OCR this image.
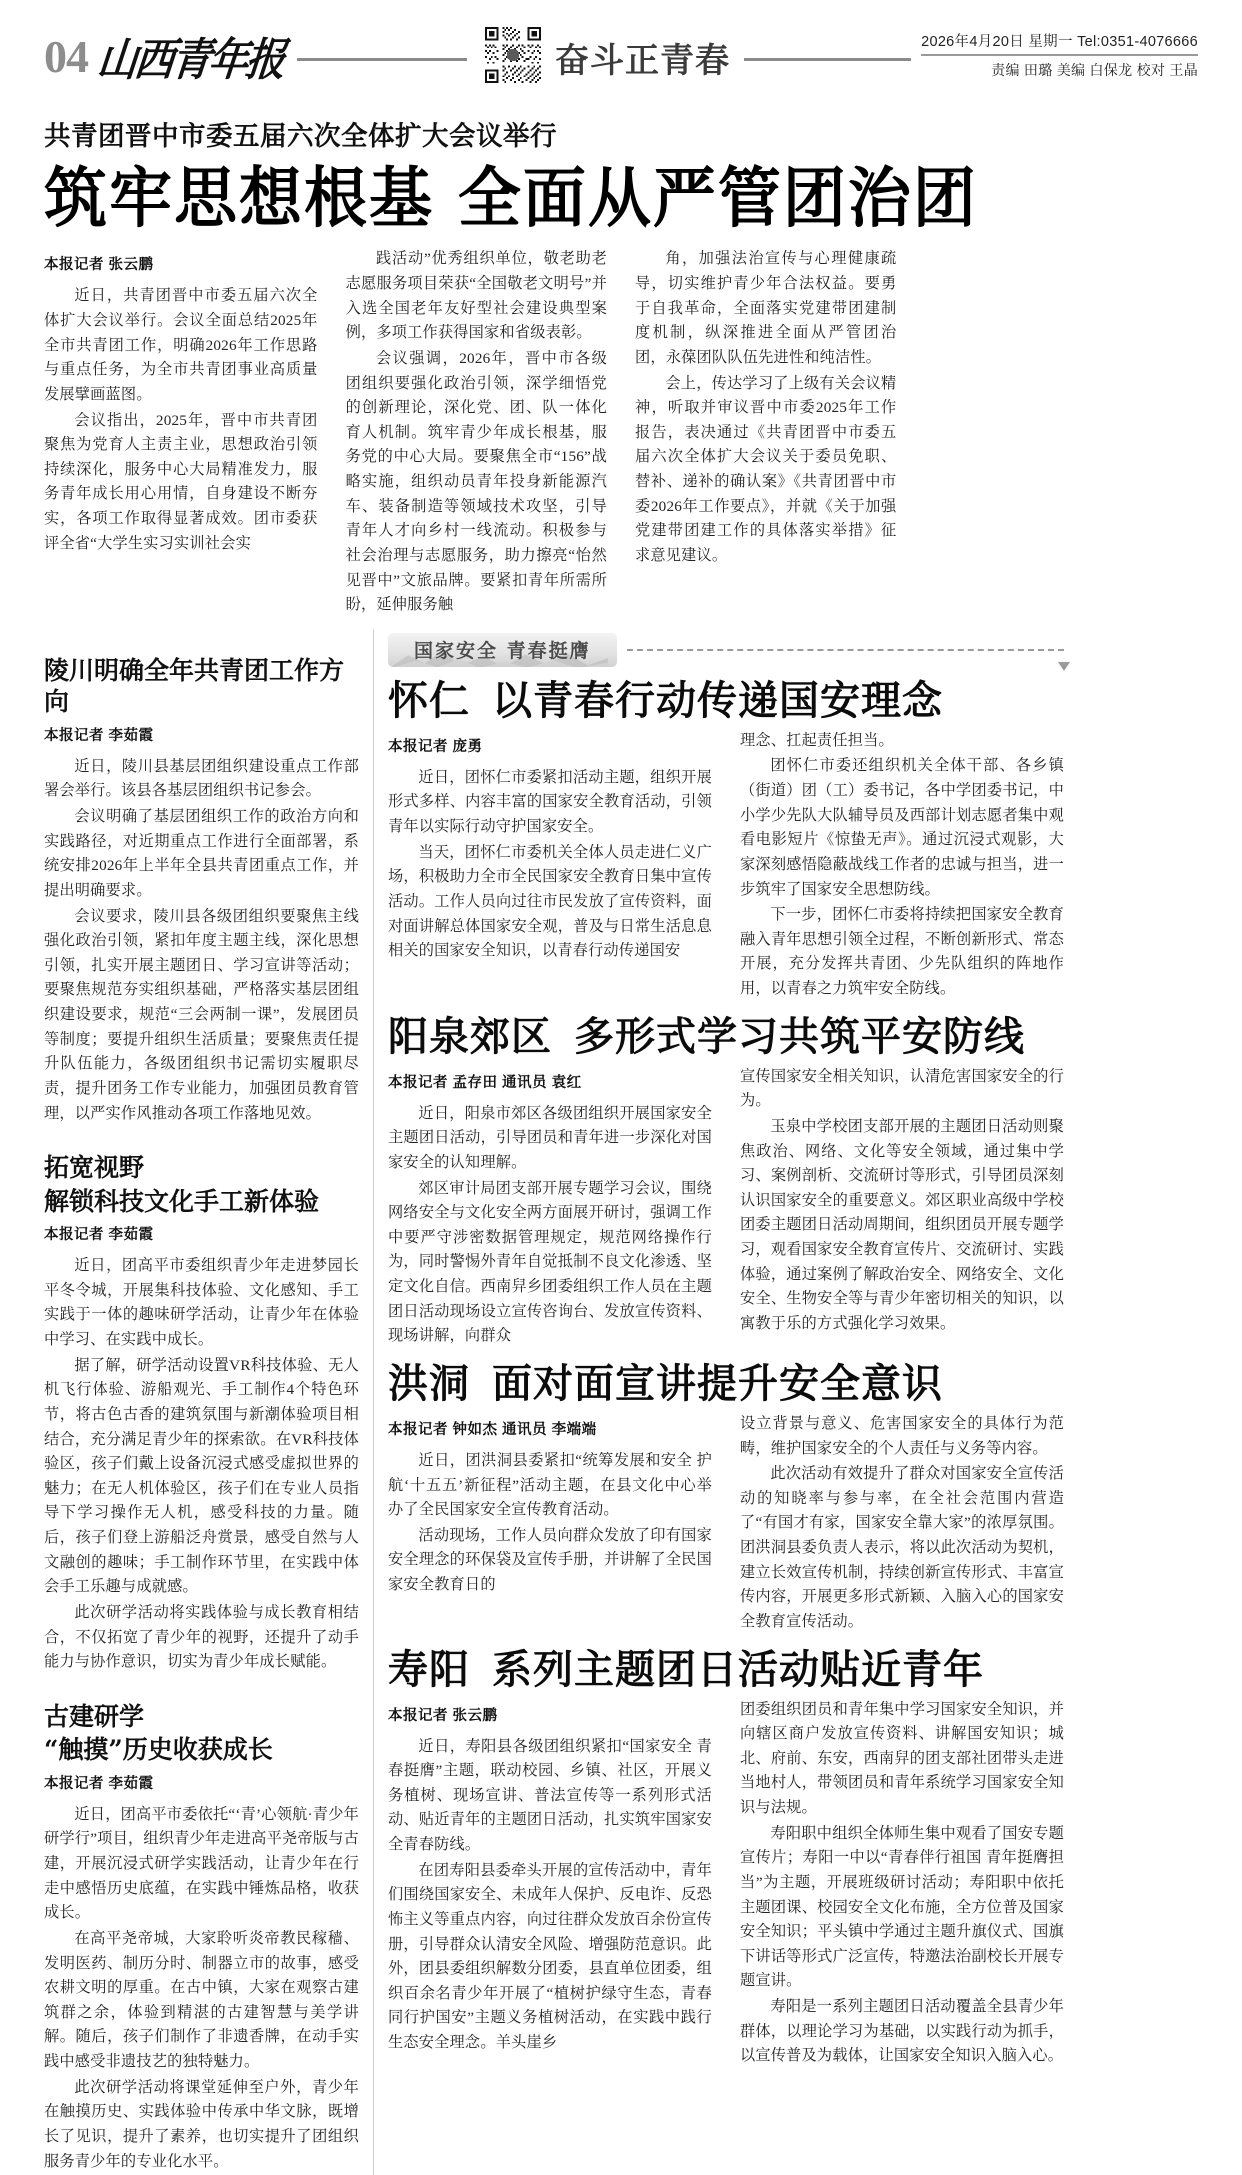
04 山西青年报	奋斗正青春	2026年4月20日 星期一 Tel:0351-4076666
责编 田璐 美编 白保龙 校对 王晶
共青团晋中市委五届六次全体扩大会议举行
筑牢思想根基 全面从严管团治团
本报记者 张云鹏

近日，共青团晋中市委五届六次全体扩大会议举行。会议全面总结2025年全市共青团工作，明确2026年工作思路与重点任务，为全市共青团事业高质量发展擘画蓝图。

会议指出，2025年，晋中市共青团聚焦为党育人主责主业，思想政治引领持续深化，服务中心大局精准发力，服务青年成长用心用情，自身建设不断夯实，各项工作取得显著成效。团市委获评全省“大学生实习实训社会实

践活动”优秀组织单位，敬老助老志愿服务项目荣获“全国敬老文明号”并入选全国老年友好型社会建设典型案例，多项工作获得国家和省级表彰。

会议强调，2026年，晋中市各级团组织要强化政治引领，深学细悟党的创新理论，深化党、团、队一体化育人机制。筑牢青少年成长根基，服务党的中心大局。要聚焦全市“156”战略实施，组织动员青年投身新能源汽车、装备制造等领域技术攻坚，引导青年人才向乡村一线流动。积极参与社会治理与志愿服务，助力擦亮“怡然见晋中”文旅品牌。要紧扣青年所需所盼，延伸服务触

角，加强法治宣传与心理健康疏导，切实维护青少年合法权益。要勇于自我革命，全面落实党建带团建制度机制，纵深推进全面从严管团治团，永葆团队队伍先进性和纯洁性。

会上，传达学习了上级有关会议精神，听取并审议晋中市委2025年工作报告，表决通过《共青团晋中市委五届六次全体扩大会议关于委员免职、替补、递补的确认案》《共青团晋中市委2026年工作要点》，并就《关于加强党建带团建工作的具体落实举措》征求意见建议。

陵川明确全年共青团工作方向
本报记者 李茹霞

近日，陵川县基层团组织建设重点工作部署会举行。该县各基层团组织书记参会。

会议明确了基层团组织工作的政治方向和实践路径，对近期重点工作进行全面部署，系统安排2026年上半年全县共青团重点工作，并提出明确要求。

会议要求，陵川县各级团组织要聚焦主线强化政治引领，紧扣年度主题主线，深化思想引领，扎实开展主题团日、学习宣讲等活动；要聚焦规范夯实组织基础，严格落实基层团组织建设要求，规范“三会两制一课”，发展团员等制度；要提升组织生活质量；要聚焦责任提升队伍能力，各级团组织书记需切实履职尽责，提升团务工作专业能力，加强团员教育管理，以严实作风推动各项工作落地见效。

拓宽视野
解锁科技文化手工新体验
本报记者 李茹霞

近日，团高平市委组织青少年走进梦园长平冬令城，开展集科技体验、文化感知、手工实践于一体的趣味研学活动，让青少年在体验中学习、在实践中成长。

据了解，研学活动设置VR科技体验、无人机飞行体验、游船观光、手工制作4个特色环节，将古色古香的建筑氛围与新潮体验项目相结合，充分满足青少年的探索欲。在VR科技体验区，孩子们戴上设备沉浸式感受虚拟世界的魅力；在无人机体验区，孩子们在专业人员指导下学习操作无人机，感受科技的力量。随后，孩子们登上游船泛舟赏景，感受自然与人文融创的趣味；手工制作环节里，在实践中体会手工乐趣与成就感。

此次研学活动将实践体验与成长教育相结合，不仅拓宽了青少年的视野，还提升了动手能力与协作意识，切实为青少年成长赋能。

古建研学
“触摸”历史收获成长
本报记者 李茹霞

近日，团高平市委依托“‘青’心领航·青少年研学行”项目，组织青少年走进高平尧帝版与古建，开展沉浸式研学实践活动，让青少年在行走中感悟历史底蕴，在实践中锤炼品格，收获成长。

在高平尧帝城，大家聆听炎帝教民稼穑、发明医药、制历分时、制器立市的故事，感受农耕文明的厚重。在古中镇，大家在观察古建筑群之余，体验到精湛的古建智慧与美学讲解。随后，孩子们制作了非遗香牌，在动手实践中感受非遗技艺的独特魅力。

此次研学活动将课堂延伸至户外，青少年在触摸历史、实践体验中传承中华文脉，既增长了见识，提升了素养，也切实提升了团组织服务青少年的专业化水平。

国家安全 青春挺膺
怀仁 以青春行动传递国安理念
本报记者 庞勇

近日，团怀仁市委紧扣活动主题，组织开展形式多样、内容丰富的国家安全教育活动，引领青年以实际行动守护国家安全。

当天，团怀仁市委机关全体人员走进仁义广场，积极助力全市全民国家安全教育日集中宣传活动。工作人员向过往市民发放了宣传资料，面对面讲解总体国家安全观，普及与日常生活息息相关的国家安全知识，以青春行动传递国安

理念、扛起责任担当。

团怀仁市委还组织机关全体干部、各乡镇（街道）团（工）委书记，各中学团委书记，中小学少先队大队辅导员及西部计划志愿者集中观看电影短片《惊蛰无声》。通过沉浸式观影，大家深刻感悟隐蔽战线工作者的忠诚与担当，进一步筑牢了国家安全思想防线。

下一步，团怀仁市委将持续把国家安全教育融入青年思想引领全过程，不断创新形式、常态开展，充分发挥共青团、少先队组织的阵地作用，以青春之力筑牢安全防线。

阳泉郊区 多形式学习共筑平安防线
本报记者 孟存田 通讯员 袁红

近日，阳泉市郊区各级团组织开展国家安全主题团日活动，引导团员和青年进一步深化对国家安全的认知理解。

郊区审计局团支部开展专题学习会议，围绕网络安全与文化安全两方面展开研讨，强调工作中要严守涉密数据管理规定，规范网络操作行为，同时警惕外青年自觉抵制不良文化渗透、坚定文化自信。西南舁乡团委组织工作人员在主题团日活动现场设立宣传咨询台、发放宣传资料、现场讲解，向群众

宣传国家安全相关知识，认清危害国家安全的行为。

玉泉中学校团支部开展的主题团日活动则聚焦政治、网络、文化等安全领域，通过集中学习、案例剖析、交流研讨等形式，引导团员深刻认识国家安全的重要意义。郊区职业高级中学校团委主题团日活动周期间，组织团员开展专题学习，观看国家安全教育宣传片、交流研讨、实践体验，通过案例了解政治安全、网络安全、文化安全、生物安全等与青少年密切相关的知识，以寓教于乐的方式强化学习效果。

洪洞 面对面宣讲提升安全意识
本报记者 钟如杰 通讯员 李端端

近日，团洪洞县委紧扣“统筹发展和安全 护航‘十五五’新征程”活动主题，在县文化中心举办了全民国家安全宣传教育活动。

活动现场，工作人员向群众发放了印有国家安全理念的环保袋及宣传手册，并讲解了全民国家安全教育日的

设立背景与意义、危害国家安全的具体行为范畴，维护国家安全的个人责任与义务等内容。

此次活动有效提升了群众对国家安全宣传活动的知晓率与参与率，在全社会范围内营造了“有国才有家，国家安全靠大家”的浓厚氛围。团洪洞县委负责人表示，将以此次活动为契机，建立长效宣传机制，持续创新宣传形式、丰富宣传内容，开展更多形式新颖、入脑入心的国家安全教育宣传活动。

寿阳 系列主题团日活动贴近青年
本报记者 张云鹏

近日，寿阳县各级团组织紧扣“国家安全 青春挺膺”主题，联动校园、乡镇、社区，开展义务植树、现场宣讲、普法宣传等一系列形式活动、贴近青年的主题团日活动，扎实筑牢国家安全青春防线。

在团寿阳县委牵头开展的宣传活动中，青年们围绕国家安全、未成年人保护、反电诈、反恐怖主义等重点内容，向过往群众发放百余份宣传册，引导群众认清安全风险、增强防范意识。此外，团县委组织解数分团委，县直单位团委，组织百余名青少年开展了“植树护绿守生态，青春同行护国安”主题义务植树活动，在实践中践行生态安全理念。羊头崖乡

团委组织团员和青年集中学习国家安全知识，并向辖区商户发放宣传资料、讲解国安知识；城北、府前、东安，西南舁的团支部社团带头走进当地村人，带领团员和青年系统学习国家安全知识与法规。

寿阳职中组织全体师生集中观看了国安专题宣传片；寿阳一中以“青春伴行祖国 青年挺膺担当”为主题，开展班级研讨活动；寿阳职中依托主题团课、校园安全文化布施，全方位普及国家安全知识；平头镇中学通过主题升旗仪式、国旗下讲话等形式广泛宣传，特邀法治副校长开展专题宣讲。

寿阳是一系列主题团日活动覆盖全县青少年群体，以理论学习为基础，以实践行动为抓手，以宣传普及为载体，让国家安全知识入脑入心。
